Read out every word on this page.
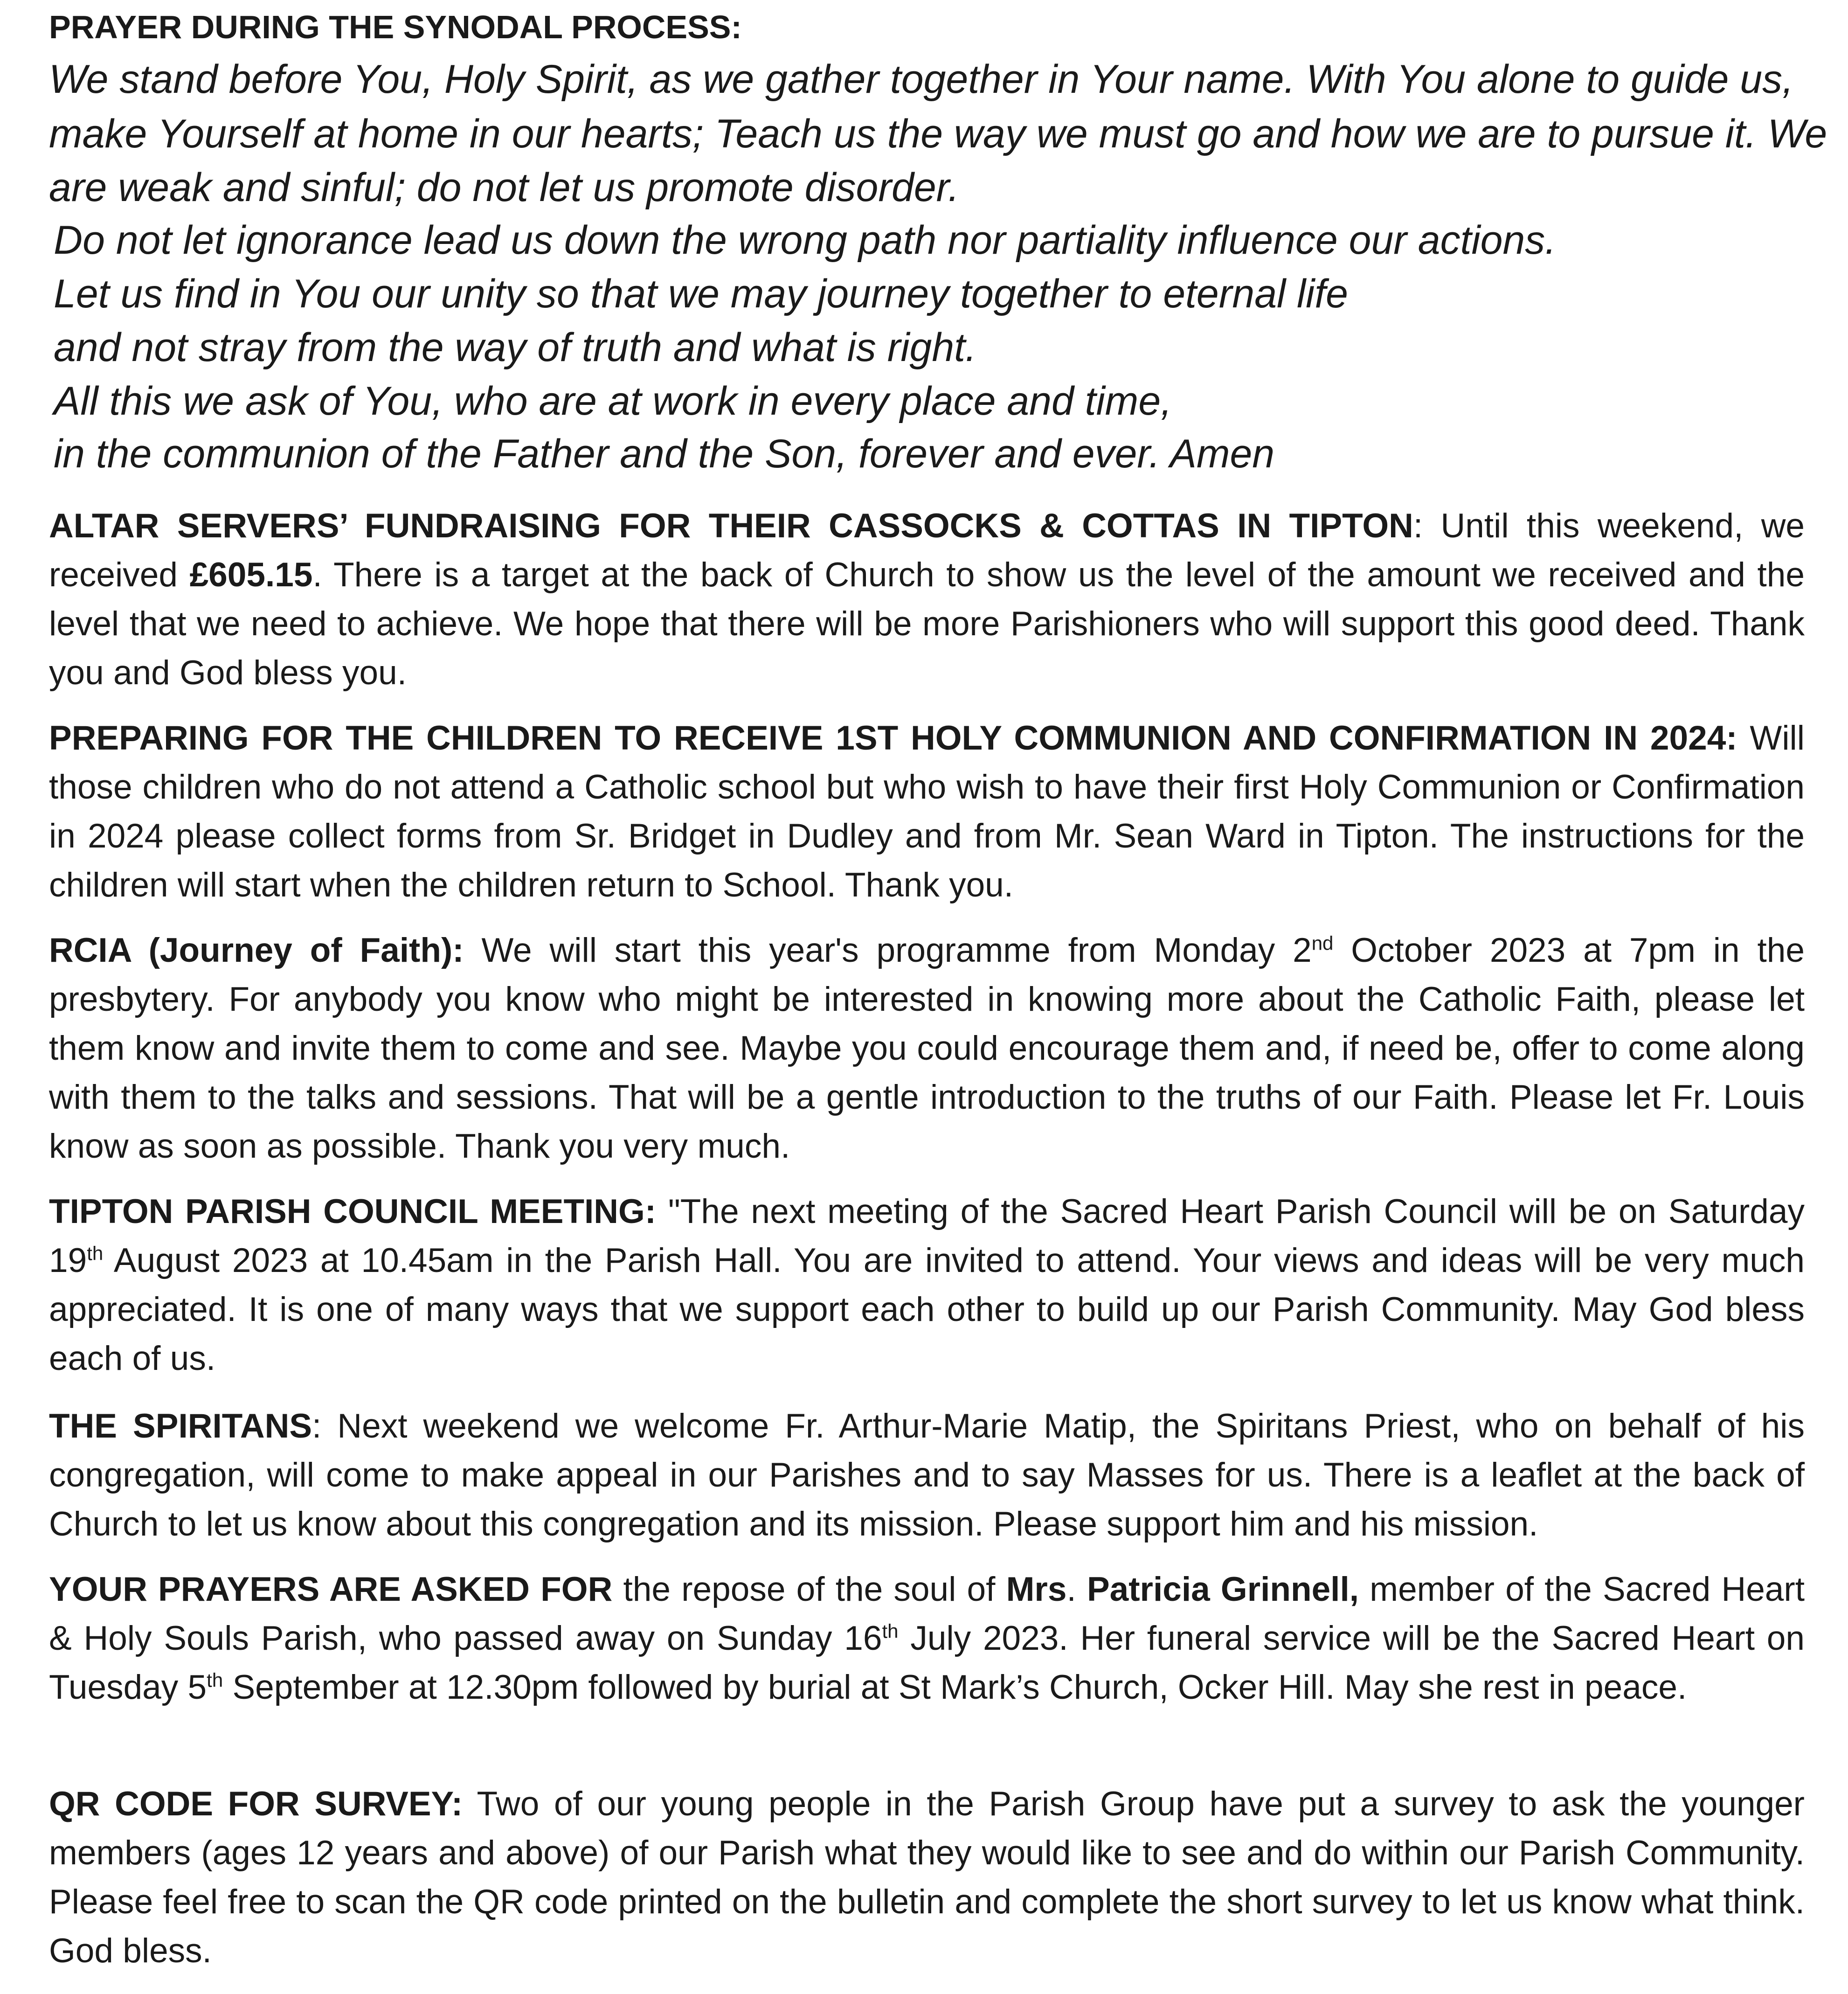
PRAYER DURING THE SYNODAL PROCESS:

We stand before You, Holy Spirit, as we gather together in Your name. With You alone to guide us,

make Yourself at home in our hearts; Teach us the way we must go and how we are to pursue it. We

are weak and sinful; do not let us promote disorder.

Do not let ignorance lead us down the wrong path nor partiality influence our actions.

Let us find in You our unity so that we may journey together to eternal life

and not stray from the way of truth and what is right.

All this we ask of You, who are at work in every place and time,

in the communion of the Father and the Son, forever and ever. Amen

ALTAR SERVERS’ FUNDRAISING FOR THEIR CASSOCKS & COTTAS IN TIPTON: Until this weekend, we received £605.15. There is a target at the back of Church to show us the level of the amount we received and the level that we need to achieve. We hope that there will be more Parishioners who will support this good deed. Thank you and God bless you.

PREPARING FOR THE CHILDREN TO RECEIVE 1ST HOLY COMMUNION AND CONFIRMATION IN 2024: Will those children who do not attend a Catholic school but who wish to have their first Holy Communion or Confirmation in 2024 please collect forms from Sr. Bridget in Dudley and from Mr. Sean Ward in Tipton. The instructions for the children will start when the children return to School. Thank you.

RCIA (Journey of Faith): We will start this year's programme from Monday 2nd October 2023 at 7pm in the presbytery. For anybody you know who might be interested in knowing more about the Catholic Faith, please let them know and invite them to come and see. Maybe you could encourage them and, if need be, offer to come along with them to the talks and sessions. That will be a gentle introduction to the truths of our Faith. Please let Fr. Louis know as soon as possible. Thank you very much.

TIPTON PARISH COUNCIL MEETING: "The next meeting of the Sacred Heart Parish Council will be on Saturday 19th August 2023 at 10.45am in the Parish Hall. You are invited to attend. Your views and ideas will be very much appreciated. It is one of many ways that we support each other to build up our Parish Community. May God bless each of us.

THE SPIRITANS: Next weekend we welcome Fr. Arthur-Marie Matip, the Spiritans Priest, who on behalf of his congregation, will come to make appeal in our Parishes and to say Masses for us. There is a leaflet at the back of Church to let us know about this congregation and its mission. Please support him and his mission.

YOUR PRAYERS ARE ASKED FOR the repose of the soul of Mrs. Patricia Grinnell, member of the Sacred Heart & Holy Souls Parish, who passed away on Sunday 16th July 2023. Her funeral service will be the Sacred Heart on Tuesday 5th September at 12.30pm followed by burial at St Mark’s Church, Ocker Hill. May she rest in peace.

QR CODE FOR SURVEY: Two of our young people in the Parish Group have put a survey to ask the younger members (ages 12 years and above) of our Parish what they would like to see and do within our Parish Community. Please feel free to scan the QR code printed on the bulletin and complete the short survey to let us know what think. God bless.
